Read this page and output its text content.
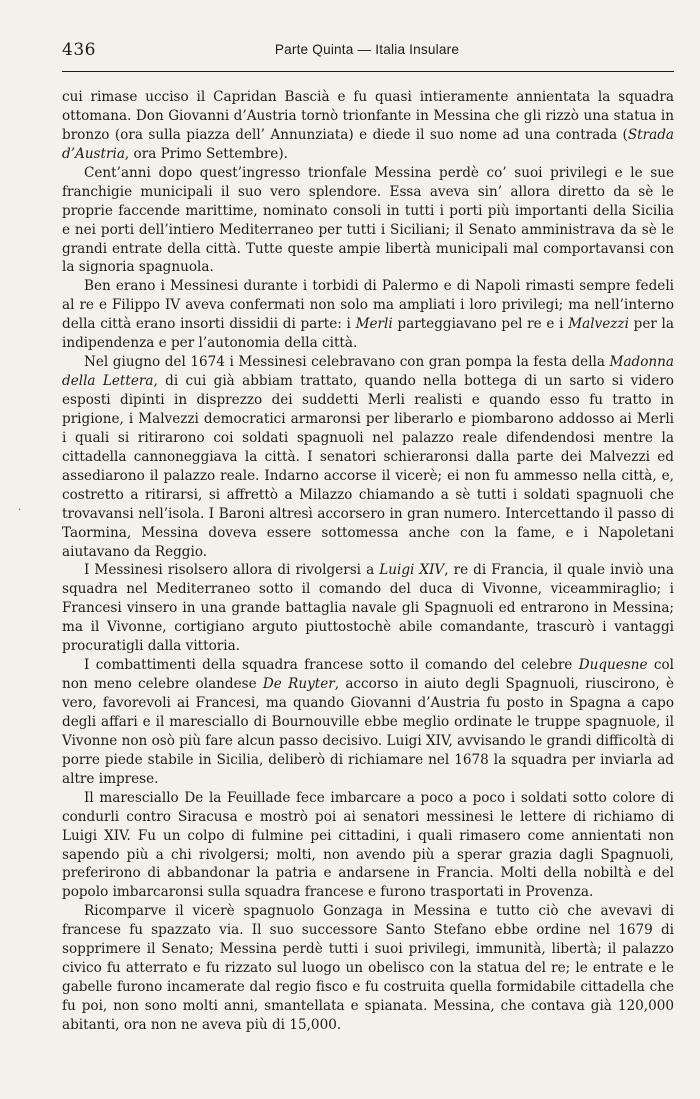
436	Parte Quinta — Italia Insulare

cui rimase ucciso il Capridan Bascià e fu quasi intieramente annientata la squadra ottomana. Don Giovanni d’Austria tornò trionfante in Messina che gli rizzò una statua in bronzo (ora sulla piazza dell’ Annunziata) e diede il suo nome ad una contrada (Strada d’Austria, ora Primo Settembre).

Cent’anni dopo quest’ingresso trionfale Messina perdè co’ suoi privilegi e le sue franchigie municipali il suo vero splendore. Essa aveva sin’ allora diretto da sè le proprie faccende marittime, nominato consoli in tutti i porti più importanti della Sicilia e nei porti dell’intiero Mediterraneo per tutti i Siciliani; il Senato amministrava da sè le grandi entrate della città. Tutte queste ampie libertà municipali mal comportavansi con la signoria spagnuola.

Ben erano i Messinesi durante i torbidi di Palermo e di Napoli rimasti sempre fedeli al re e Filippo IV aveva confermati non solo ma ampliati i loro privilegi; ma nell’interno della città erano insorti dissidii di parte: i Merli parteggiavano pel re e i Malvezzi per la indipendenza e per l’autonomia della città.

Nel giugno del 1674 i Messinesi celebravano con gran pompa la festa della Madonna della Lettera, di cui già abbiam trattato, quando nella bottega di un sarto si videro esposti dipinti in disprezzo dei suddetti Merli realisti e quando esso fu tratto in prigione, i Malvezzi democratici armaronsi per liberarlo e piombarono addosso ai Merli i quali si ritirarono coi soldati spagnuoli nel palazzo reale difendendosi mentre la cittadella cannoneggiava la città. I senatori schieraronsi dalla parte dei Malvezzi ed assediarono il palazzo reale. Indarno accorse il vicerè; ei non fu ammesso nella città, e, costretto a ritirarsi, si affrettò a Milazzo chiamando a sè tutti i soldati spagnuoli che trovavansi nell’isola. I Baroni altresì accorsero in gran numero. Intercettando il passo di Taormina, Messina doveva essere sottomessa anche con la fame, e i Napoletani aiutavano da Reggio.

I Messinesi risolsero allora di rivolgersi a Luigi XIV, re di Francia, il quale inviò una squadra nel Mediterraneo sotto il comando del duca di Vivonne, viceammiraglio; i Francesi vinsero in una grande battaglia navale gli Spagnuoli ed entrarono in Messina; ma il Vivonne, cortigiano arguto piuttostochè abile comandante, trascurò i vantaggi procuratigli dalla vittoria.

I combattimenti della squadra francese sotto il comando del celebre Duquesne col non meno celebre olandese De Ruyter, accorso in aiuto degli Spagnuoli, riuscirono, è vero, favorevoli ai Francesi, ma quando Giovanni d’Austria fu posto in Spagna a capo degli affari e il maresciallo di Bournouville ebbe meglio ordinate le truppe spagnuole, il Vivonne non osò più fare alcun passo decisivo. Luigi XIV, avvisando le grandi difficoltà di porre piede stabile in Sicilia, deliberò di richiamare nel 1678 la squadra per inviarla ad altre imprese.

Il maresciallo De la Feuillade fece imbarcare a poco a poco i soldati sotto colore di condurli contro Siracusa e mostrò poi ai senatori messinesi le lettere di richiamo di Luigi XIV. Fu un colpo di fulmine pei cittadini, i quali rimasero come annientati non sapendo più a chi rivolgersi; molti, non avendo più a sperar grazia dagli Spagnuoli, preferirono di abbandonar la patria e andarsene in Francia. Molti della nobiltà e del popolo imbarcaronsi sulla squadra francese e furono trasportati in Provenza.

Ricomparve il vicerè spagnuolo Gonzaga in Messina e tutto ciò che avevavi di francese fu spazzato via. Il suo successore Santo Stefano ebbe ordine nel 1679 di sopprimere il Senato; Messina perdè tutti i suoi privilegi, immunità, libertà; il palazzo civico fu atterrato e fu rizzato sul luogo un obelisco con la statua del re; le entrate e le gabelle furono incamerate dal regio fisco e fu costruita quella formidabile cittadella che fu poi, non sono molti anni, smantellata e spianata. Messina, che contava già 120,000 abitanti, ora non ne aveva più di 15,000.

·
